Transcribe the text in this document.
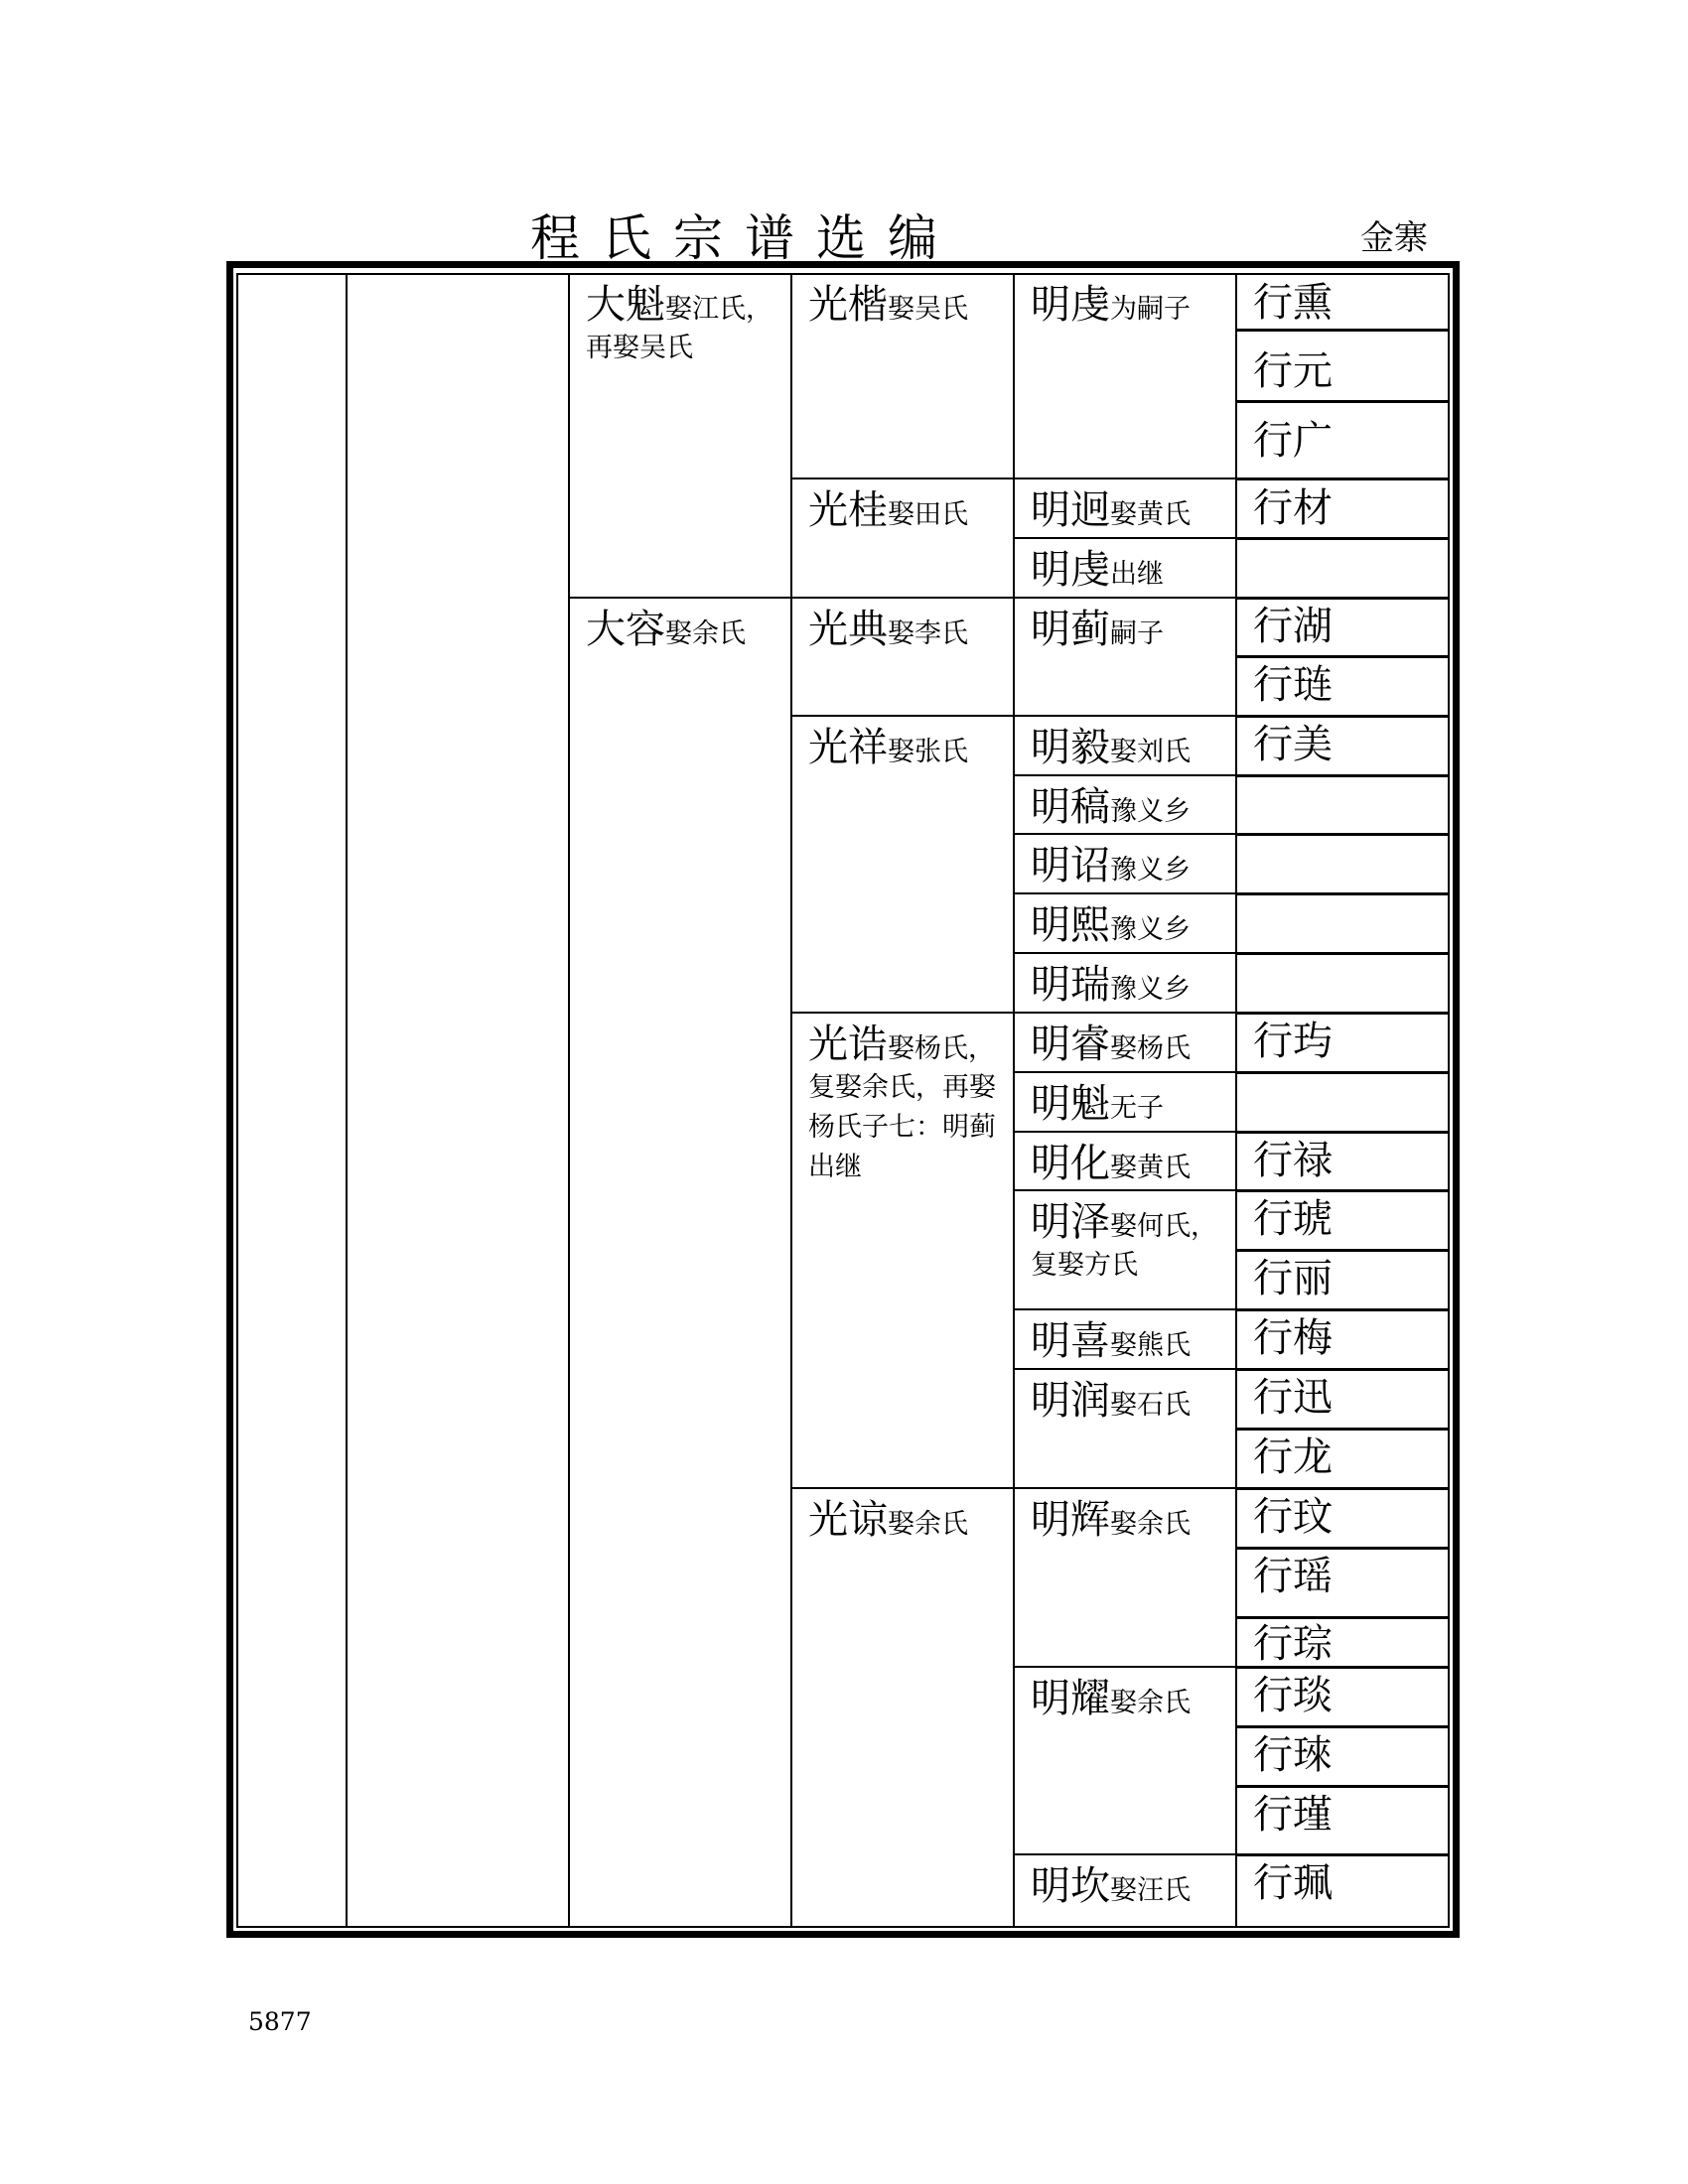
程氏宗谱选编	金寨
大魁娶江氏，
再娶吴氏
大容娶余氏
光楷娶吴氏
光桂娶田氏
光典娶李氏
光祥娶张氏
光诰娶杨氏，
复娶余氏，再娶
杨氏子七：明蓟
出继
光谅娶余氏
明虔为嗣子
明迥娶黄氏
明虔出继
明蓟嗣子
明毅娶刘氏
明稿豫义乡
明诏豫义乡
明熙豫义乡
明瑞豫义乡
明睿娶杨氏
明魁无子
明化娶黄氏
明泽娶何氏，
复娶方氏
明喜娶熊氏
明润娶石氏
明辉娶余氏
明耀娶余氏
明坎娶汪氏
行熏
行元
行广
行材
行湖
行琏
行美
行玙
行禄
行琥
行丽
行梅
行迅
行龙
行玟
行瑶
行琮
行琰
行琜
行瑾
行珮
5877
